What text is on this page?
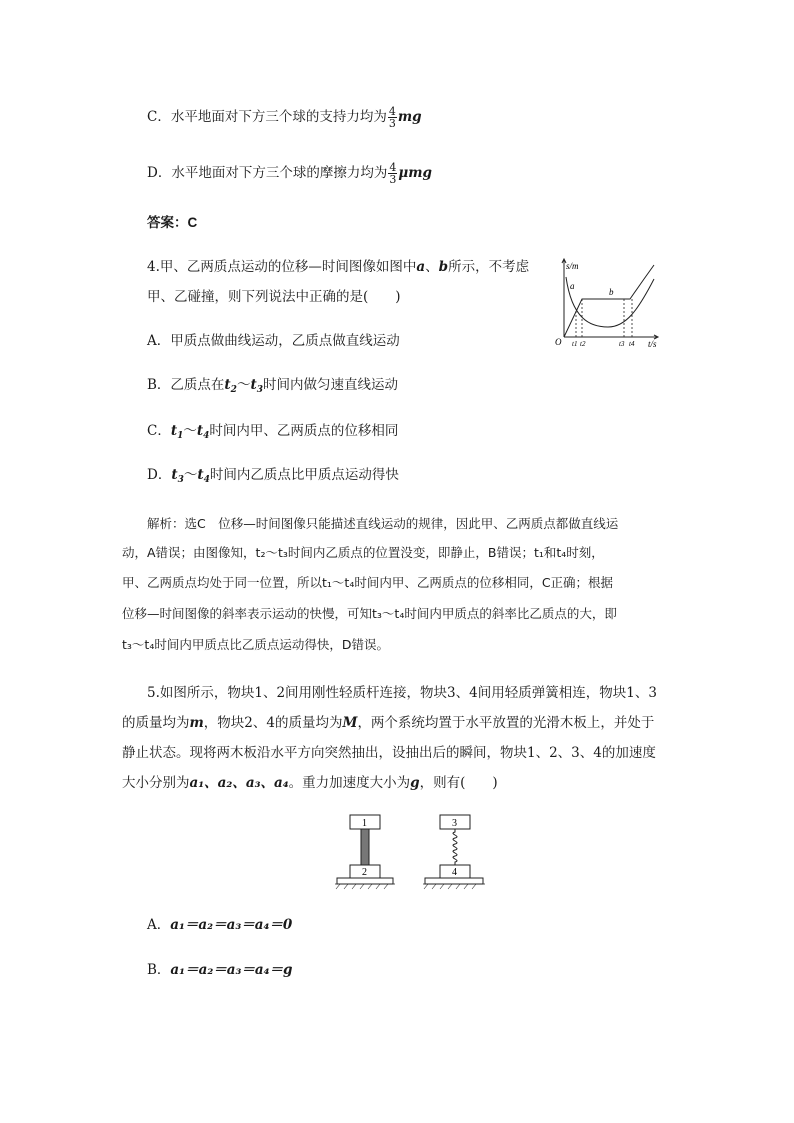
C．水平地面对下方三个球的支持力均为 $\frac{4}{3}$ mg
D．水平地面对下方三个球的摩擦力均为 $\frac{4}{3}$ μmg
答案：C
4.甲、乙两质点运动的位移—时间图像如图中a、b所示，不考虑
甲、乙碰撞，则下列说法中正确的是(　　)
s/m
t/s
O
a
b
t1 t2	t3 t4
A．甲质点做曲线运动，乙质点做直线运动
B．乙质点在$t_2\sim t_3$时间内做匀速直线运动
C．$t_1\sim t_4$时间内甲、乙两质点的位移相同
D．$t_3\sim t_4$时间内乙质点比甲质点运动得快
解析：选C　位移—时间图像只能描述直线运动的规律，因此甲、乙两质点都做直线运
动，A错误；由图像知，t₂～t₃时间内乙质点的位置没变，即静止，B错误；t₁和t₄时刻，
甲、乙两质点均处于同一位置，所以t₁～t₄时间内甲、乙两质点的位移相同，C正确；根据
位移—时间图像的斜率表示运动的快慢，可知t₃～t₄时间内甲质点的斜率比乙质点的大，即
t₃～t₄时间内甲质点比乙质点运动得快，D错误。
5.如图所示，物块1、2间用刚性轻质杆连接，物块3、4间用轻质弹簧相连，物块1、3
的质量均为m，物块2、4的质量均为M，两个系统均置于水平放置的光滑木板上，并处于
静止状态。现将两木板沿水平方向突然抽出，设抽出后的瞬间，物块1、2、3、4的加速度
大小分别为a₁、a₂、a₃、a₄。重力加速度大小为g，则有(　　)
1
2
3
4
A．a₁＝a₂＝a₃＝a₄＝0
B．a₁＝a₂＝a₃＝a₄＝g
